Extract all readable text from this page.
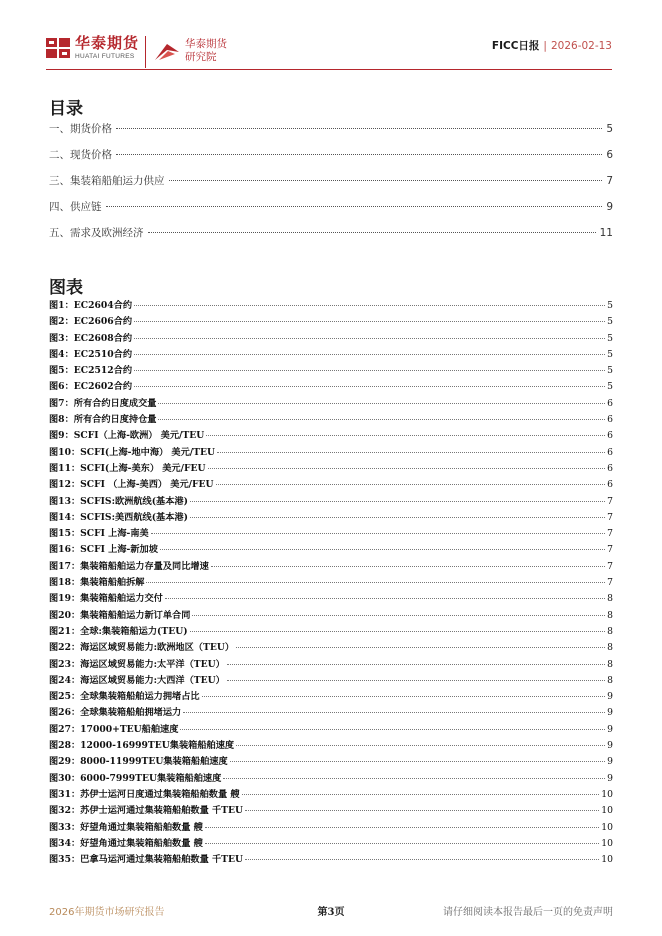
华泰期货
HUATAI FUTURES
华泰期货
研究院
FICC日报 | 2026-02-13
目录
一、期货价格	5
二、现货价格	6
三、集装箱船舶运力供应	7
四、供应链	9
五、需求及欧洲经济	11
图表
图1：EC2604合约	5
图2：EC2606合约	5
图3：EC2608合约	5
图4：EC2510合约	5
图5：EC2512合约	5
图6：EC2602合约	5
图7：所有合约日度成交量	6
图8：所有合约日度持仓量	6
图9：SCFI（上海-欧洲） 美元/TEU	6
图10：SCFI(上海-地中海） 美元/TEU	6
图11：SCFI(上海-美东） 美元/FEU	6
图12：SCFI （上海-美西） 美元/FEU	6
图13：SCFIS:欧洲航线(基本港)	7
图14：SCFIS:美西航线(基本港)	7
图15：SCFI 上海-南美	7
图16：SCFI 上海-新加坡	7
图17：集装箱船舶运力存量及同比增速	7
图18：集装箱船舶拆解	7
图19：集装箱船舶运力交付	8
图20：集装箱船舶运力新订单合同	8
图21：全球:集装箱船运力(TEU)	8
图22：海运区域贸易能力:欧洲地区（TEU）	8
图23：海运区域贸易能力:太平洋（TEU）	8
图24：海运区域贸易能力:大西洋（TEU）	8
图25：全球集装箱船舶运力拥堵占比	9
图26：全球集装箱船舶拥堵运力	9
图27：17000+TEU船舶速度	9
图28：12000-16999TEU集装箱船舶速度	9
图29：8000-11999TEU集装箱船舶速度	9
图30：6000-7999TEU集装箱船舶速度	9
图31：苏伊士运河日度通过集装箱船舶数量 艘	10
图32：苏伊士运河通过集装箱船舶数量 千TEU	10
图33：好望角通过集装箱船舶数量 艘	10
图34：好望角通过集装箱船舶数量 艘	10
图35：巴拿马运河通过集装箱船舶数量 千TEU	10
2026年期货市场研究报告	第3页	请仔细阅读本报告最后一页的免责声明
